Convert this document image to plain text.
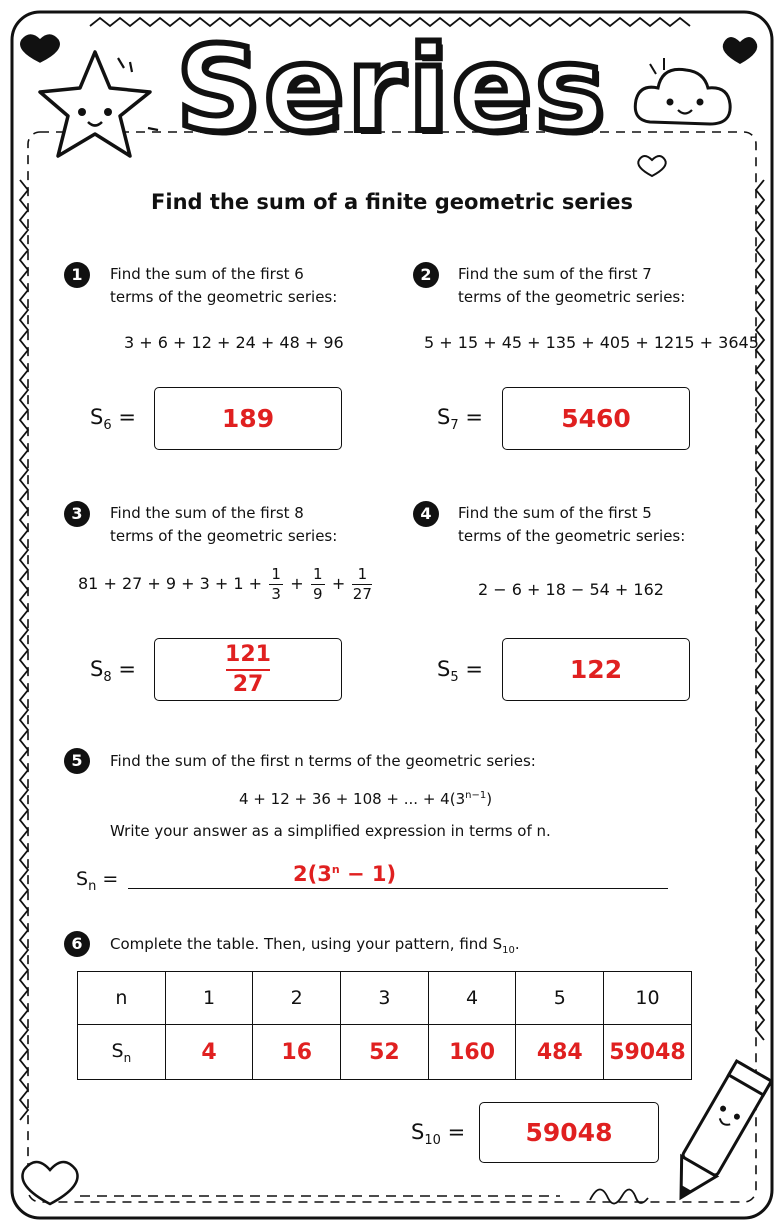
Series
Find the sum of a finite geometric series
1	Find the sum of the first 6
terms of the geometric series:
3 + 6 + 12 + 24 + 48 + 96
$S_6$ =	189
2	Find the sum of the first 7
terms of the geometric series:
5 + 15 + 45 + 135 + 405 + 1215 + 3645
$S_7$ =	5460
3	Find the sum of the first 8
terms of the geometric series:
$81 + 27 + 9 + 3 + 1 + \frac{1}{3} + \frac{1}{9} + \frac{1}{27}$
$S_8$ =	$\frac{121}{27}$
4	Find the sum of the first 5
terms of the geometric series:
2 − 6 + 18 − 54 + 162
$S_5$ =	122
5	Find the sum of the first n terms of the geometric series:
4 + 12 + 36 + 108 + ... + $4(3^{n-1})$
Write your answer as a simplified expression in terms of n.
$S_n$ =	$2(3^n - 1)$
6	Complete the table. Then, using your pattern, find $S_{10}$.
n	1	2	3	4	5	10
$S_n$	4	16	52	160	484	59048
$S_{10} = 59048$
